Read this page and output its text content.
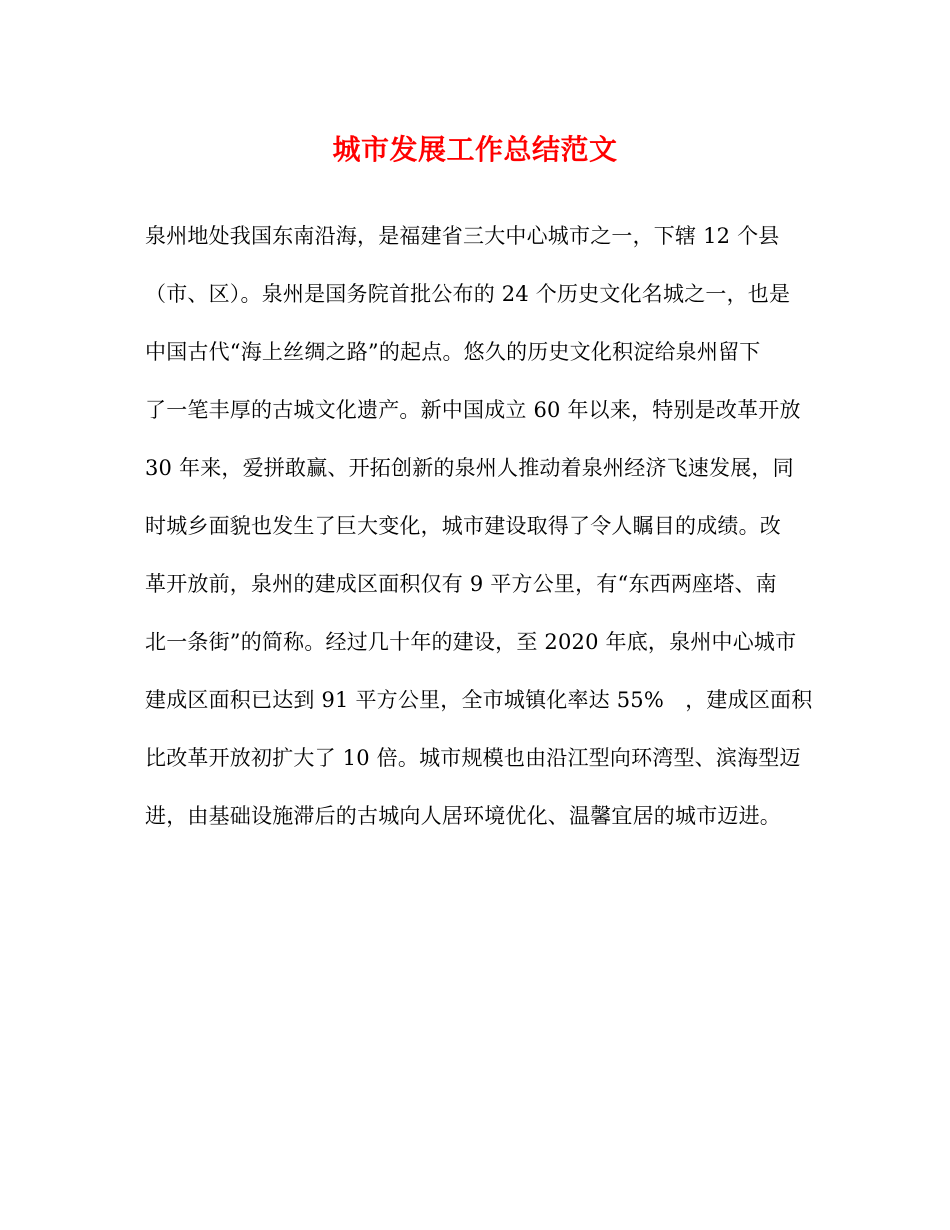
城市发展工作总结范文
泉州地处我国东南沿海，是福建省三大中心城市之一，下辖 12 个县
（市、区）。泉州是国务院首批公布的 24 个历史文化名城之一，也是
中国古代“海上丝绸之路”的起点。悠久的历史文化积淀给泉州留下
了一笔丰厚的古城文化遗产。新中国成立 60 年以来，特别是改革开放
30 年来，爱拼敢赢、开拓创新的泉州人推动着泉州经济飞速发展，同
时城乡面貌也发生了巨大变化，城市建设取得了令人瞩目的成绩。改
革开放前，泉州的建成区面积仅有 9 平方公里，有“东西两座塔、南
北一条街”的简称。经过几十年的建设，至 2020 年底，泉州中心城市
建成区面积已达到 91 平方公里，全市城镇化率达 55%　，建成区面积
比改革开放初扩大了 10 倍。城市规模也由沿江型向环湾型、滨海型迈
进，由基础设施滞后的古城向人居环境优化、温馨宜居的城市迈进。
